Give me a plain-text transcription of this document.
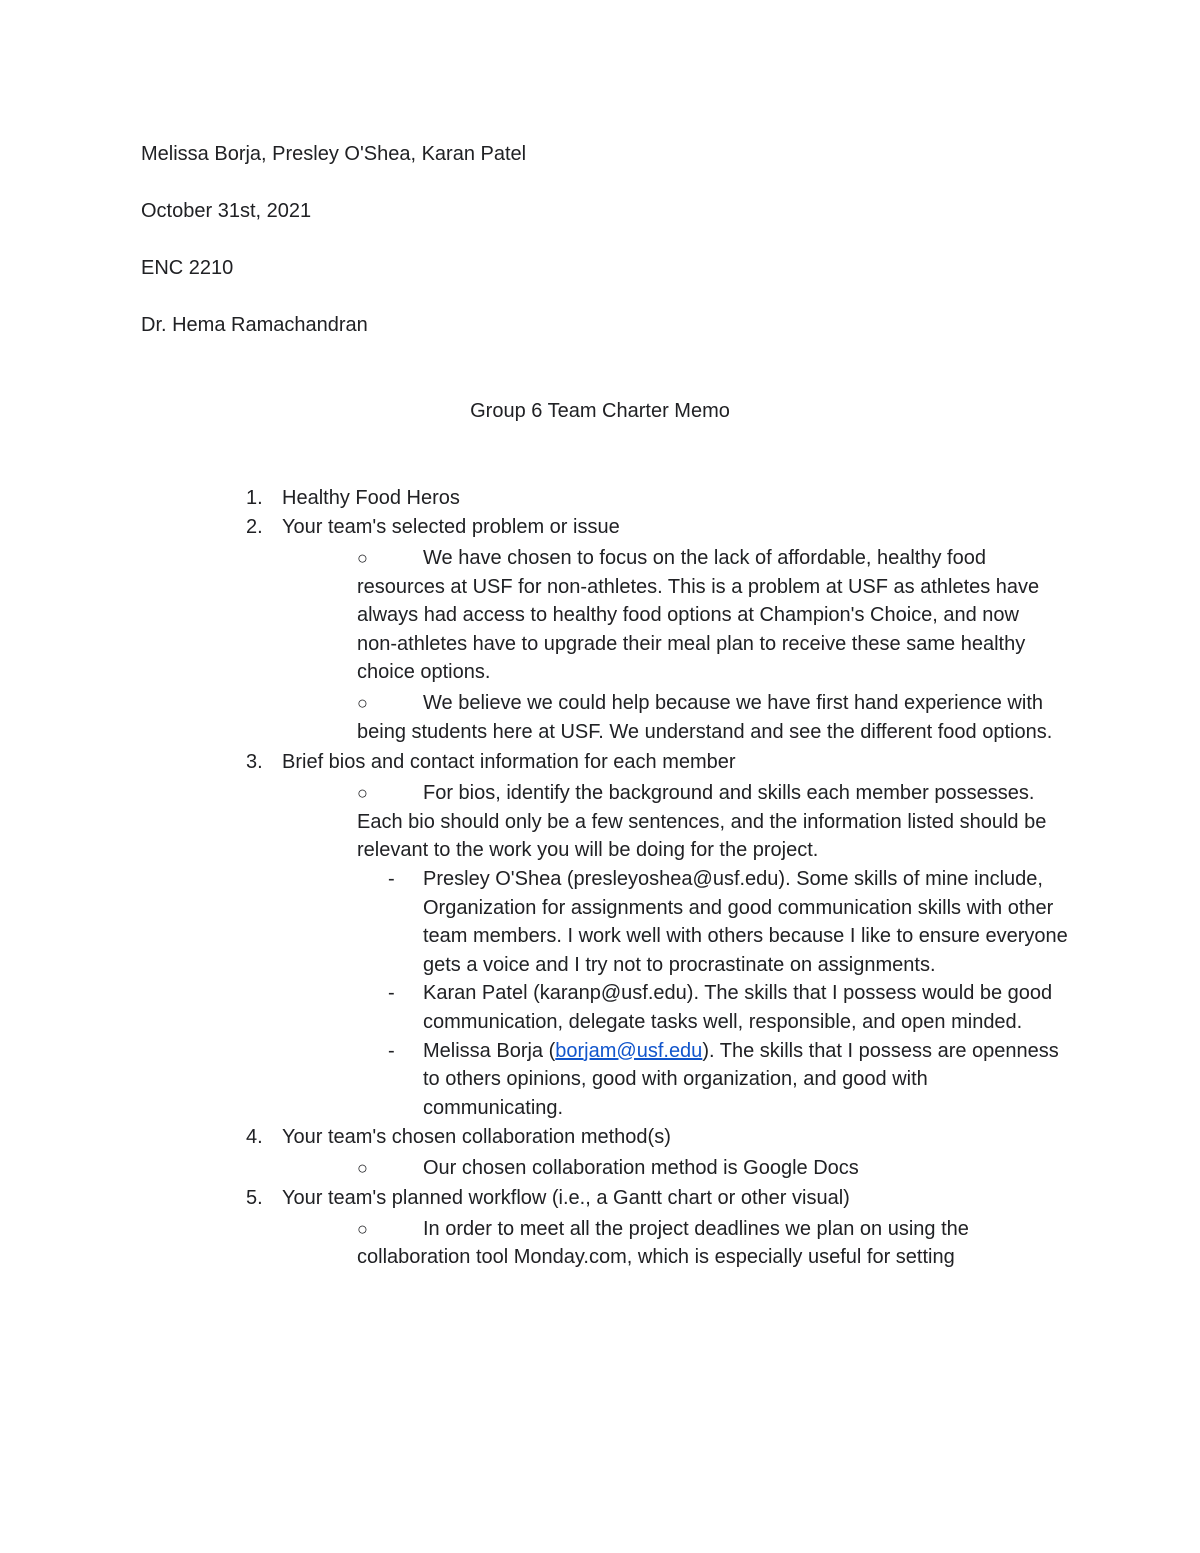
Melissa Borja, Presley O'Shea, Karan Patel

October 31st, 2021

ENC 2210

Dr. Hema Ramachandran

Group 6 Team Charter Memo

1. Healthy Food Heros
2. Your team's selected problem or issue
○	We have chosen to focus on the lack of affordable, healthy food resources at USF for non-athletes. This is a problem at USF as athletes have always had access to healthy food options at Champion's Choice, and now non-athletes have to upgrade their meal plan to receive these same healthy choice options.
○	We believe we could help because we have first hand experience with being students here at USF. We understand and see the different food options.
3. Brief bios and contact information for each member
○	For bios, identify the background and skills each member possesses. Each bio should only be a few sentences, and the information listed should be relevant to the work you will be doing for the project.
- Presley O'Shea (presleyoshea@usf.edu). Some skills of mine include, Organization for assignments and good communication skills with other team members. I work well with others because I like to ensure everyone gets a voice and I try not to procrastinate on assignments.
- Karan Patel (karanp@usf.edu). The skills that I possess would be good communication, delegate tasks well, responsible, and open minded.
- Melissa Borja (borjam@usf.edu). The skills that I possess are openness to others opinions, good with organization, and good with communicating.
4. Your team's chosen collaboration method(s)
○	Our chosen collaboration method is Google Docs
5. Your team's planned workflow (i.e., a Gantt chart or other visual)
○	In order to meet all the project deadlines we plan on using the collaboration tool Monday.com, which is especially useful for setting
